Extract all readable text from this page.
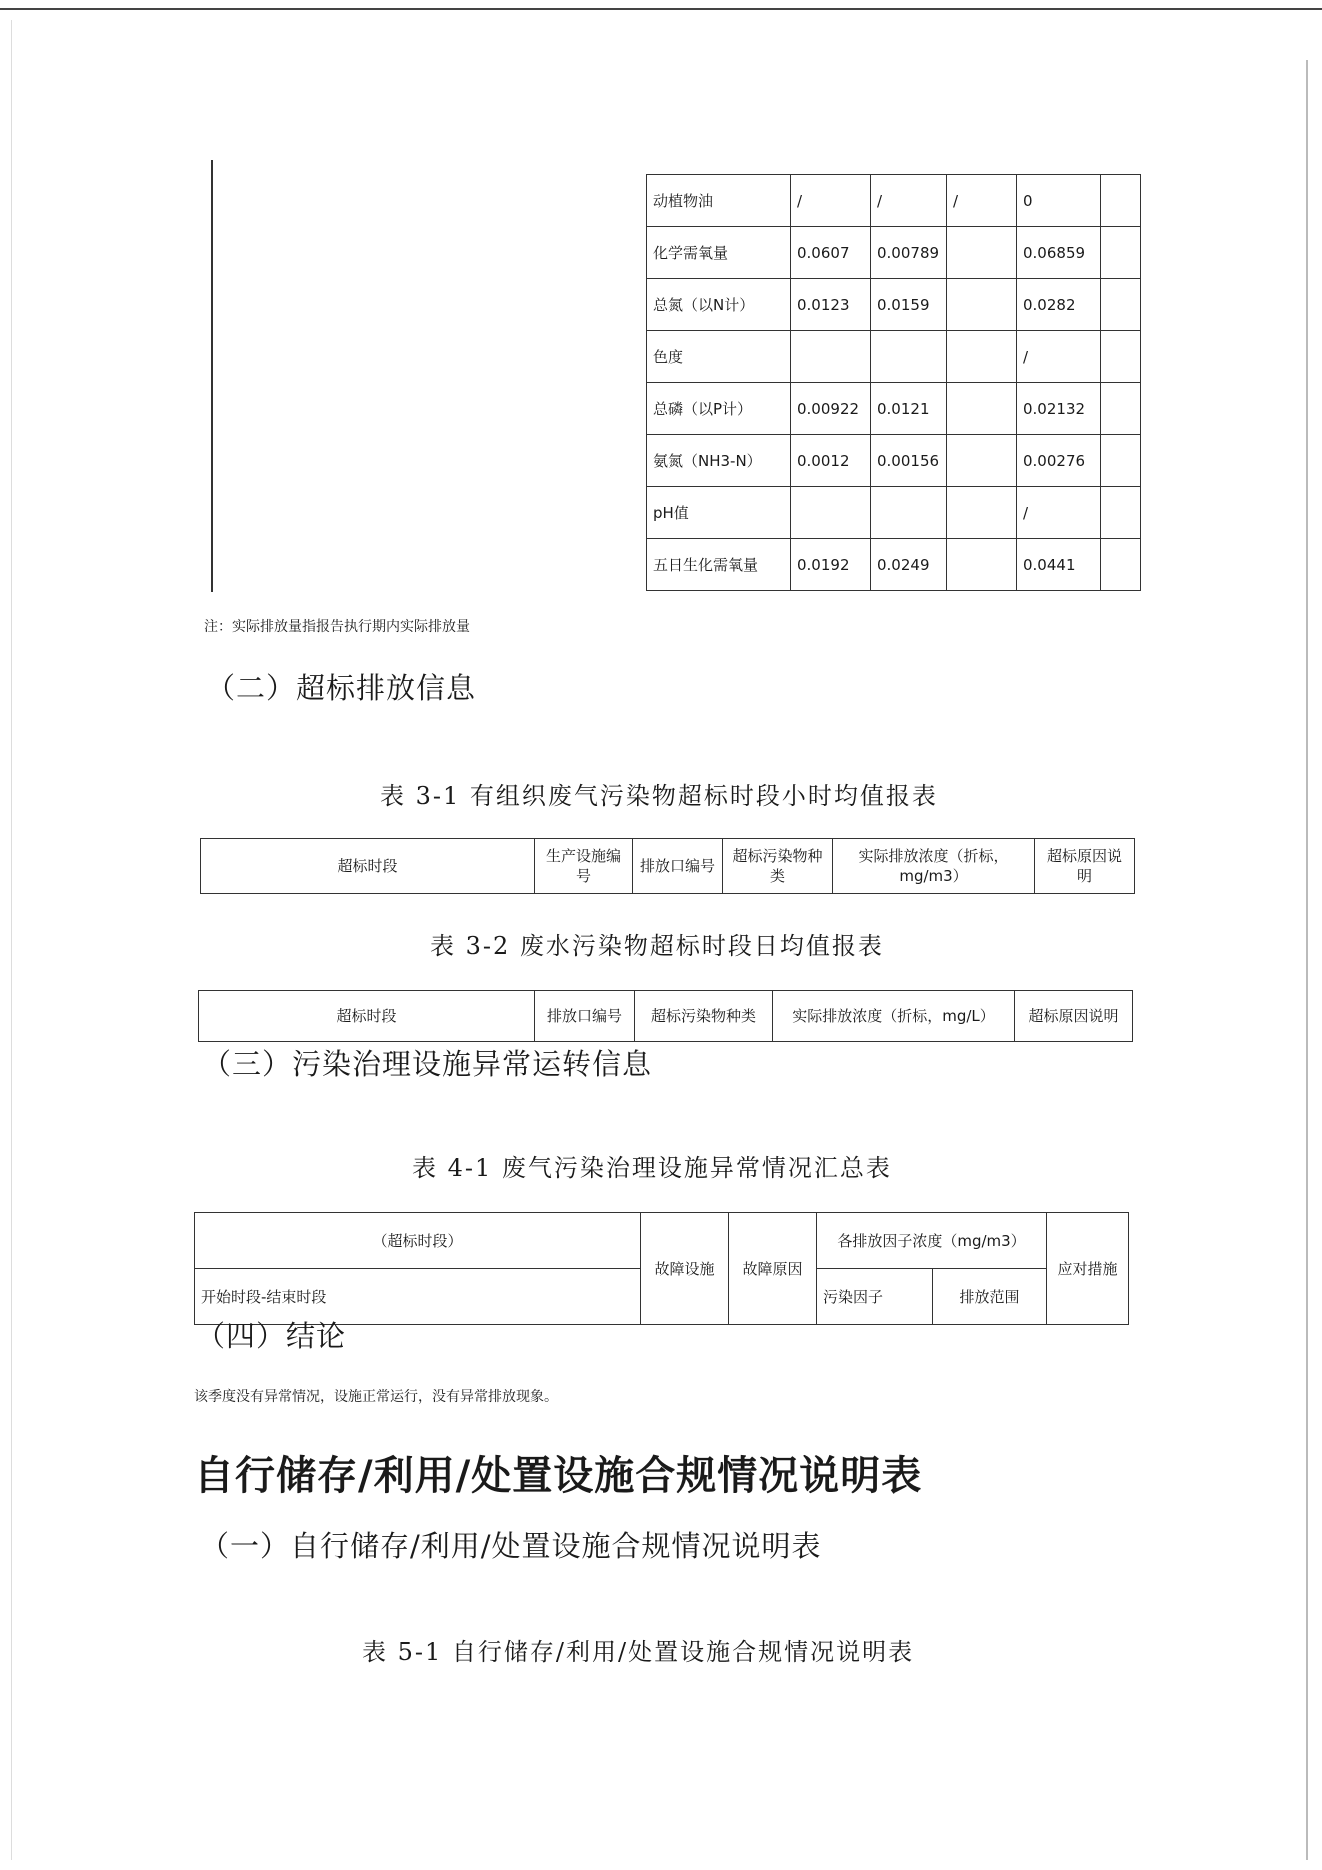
动植物油	/	/	/	0	
化学需氧量	0.0607	0.00789		0.06859	
总氮（以N计）	0.0123	0.0159		0.0282	
色度				/	
总磷（以P计）	0.00922	0.0121		0.02132	
氨氮（NH3-N）	0.0012	0.00156		0.00276	
pH值				/	
五日生化需氧量	0.0192	0.0249		0.0441	
注：实际排放量指报告执行期内实际排放量
（二）超标排放信息
表 3-1 有组织废气污染物超标时段小时均值报表
超标时段	生产设施编号	排放口编号	超标污染物种类	实际排放浓度（折标，mg/m3）	超标原因说明
表 3-2 废水污染物超标时段日均值报表
超标时段	排放口编号	超标污染物种类	实际排放浓度（折标，mg/L）	超标原因说明
（三）污染治理设施异常运转信息
表 4-1 废气污染治理设施异常情况汇总表
（超标时段）	故障设施	故障原因	各排放因子浓度（mg/m3）		应对措施
开始时段-结束时段			污染因子	排放范围	
（四）结论
该季度没有异常情况，设施正常运行，没有异常排放现象。
自行储存/利用/处置设施合规情况说明表
（一）自行储存/利用/处置设施合规情况说明表
表 5-1 自行储存/利用/处置设施合规情况说明表
